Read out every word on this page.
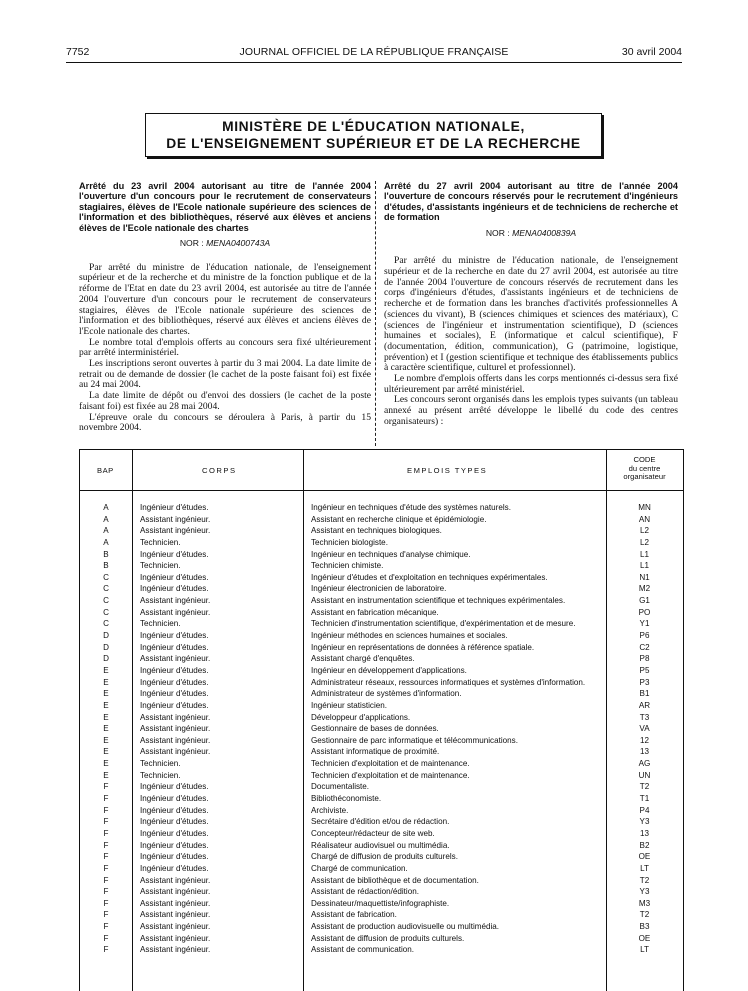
7752	JOURNAL OFFICIEL DE LA RÉPUBLIQUE FRANÇAISE	30 avril 2004
MINISTÈRE DE L'ÉDUCATION NATIONALE,
DE L'ENSEIGNEMENT SUPÉRIEUR ET DE LA RECHERCHE
Arrêté du 23 avril 2004 autorisant au titre de l'année 2004 l'ouverture d'un concours pour le recrutement de conservateurs stagiaires, élèves de l'Ecole nationale supérieure des sciences de l'information et des bibliothèques, réservé aux élèves et anciens élèves de l'Ecole nationale des chartes
NOR : MENA0400743A

Par arrêté du ministre de l'éducation nationale, de l'enseignement supérieur et de la recherche et du ministre de la fonction publique et de la réforme de l'Etat en date du 23 avril 2004, est autorisée au titre de l'année 2004 l'ouverture d'un concours pour le recrutement de conservateurs stagiaires, élèves de l'Ecole nationale supérieure des sciences de l'information et des bibliothèques, réservé aux élèves et anciens élèves de l'Ecole nationale des chartes.

Le nombre total d'emplois offerts au concours sera fixé ultérieurement par arrêté interministériel.

Les inscriptions seront ouvertes à partir du 3 mai 2004. La date limite de retrait ou de demande de dossier (le cachet de la poste faisant foi) est fixée au 24 mai 2004.

La date limite de dépôt ou d'envoi des dossiers (le cachet de la poste faisant foi) est fixée au 28 mai 2004.

L'épreuve orale du concours se déroulera à Paris, à partir du 15 novembre 2004.

Arrêté du 27 avril 2004 autorisant au titre de l'année 2004 l'ouverture de concours réservés pour le recrutement d'ingénieurs d'études, d'assistants ingénieurs et de techniciens de recherche et de formation
NOR : MENA0400839A

Par arrêté du ministre de l'éducation nationale, de l'enseignement supérieur et de la recherche en date du 27 avril 2004, est autorisée au titre de l'année 2004 l'ouverture de concours réservés de recrutement dans les corps d'ingénieurs d'études, d'assistants ingénieurs et de techniciens de recherche et de formation dans les branches d'activités professionnelles A (sciences du vivant), B (sciences chimiques et sciences des matériaux), C (sciences de l'ingénieur et instrumentation scientifique), D (sciences humaines et sociales), E (informatique et calcul scientifique), F (documentation, édition, communication), G (patrimoine, logistique, prévention) et I (gestion scientifique et technique des établissements publics à caractère scientifique, culturel et professionnel).

Le nombre d'emplois offerts dans les corps mentionnés ci-dessus sera fixé ultérieurement par arrêté ministériel.

Les concours seront organisés dans les emplois types suivants (un tableau annexé au présent arrêté développe le libellé du code des centres organisateurs) :

BAP	CORPS	EMPLOIS TYPES
CODE
du centre
organisateur
A	Ingénieur d'études.	Ingénieur en techniques d'étude des systèmes naturels.	MN
A	Assistant ingénieur.	Assistant en recherche clinique et épidémiologie.	AN
A	Assistant ingénieur.	Assistant en techniques biologiques.	L2
A	Technicien.	Technicien biologiste.	L2
B	Ingénieur d'études.	Ingénieur en techniques d'analyse chimique.	L1
B	Technicien.	Technicien chimiste.	L1
C	Ingénieur d'études.	Ingénieur d'études et d'exploitation en techniques expérimentales.	N1
C	Ingénieur d'études.	Ingénieur électronicien de laboratoire.	M2
C	Assistant ingénieur.	Assistant en instrumentation scientifique et techniques expérimentales.	G1
C	Assistant ingénieur.	Assistant en fabrication mécanique.	PO
C	Technicien.	Technicien d'instrumentation scientifique, d'expérimentation et de mesure.	Y1
D	Ingénieur d'études.	Ingénieur méthodes en sciences humaines et sociales.	P6
D	Ingénieur d'études.	Ingénieur en représentations de données à référence spatiale.	C2
D	Assistant ingénieur.	Assistant chargé d'enquêtes.	P8
E	Ingénieur d'études.	Ingénieur en développement d'applications.	P5
E	Ingénieur d'études.	Administrateur réseaux, ressources informatiques et systèmes d'information.	P3
E	Ingénieur d'études.	Administrateur de systèmes d'information.	B1
E	Ingénieur d'études.	Ingénieur statisticien.	AR
E	Assistant ingénieur.	Développeur d'applications.	T3
E	Assistant ingénieur.	Gestionnaire de bases de données.	VA
E	Assistant ingénieur.	Gestionnaire de parc informatique et télécommunications.	12
E	Assistant ingénieur.	Assistant informatique de proximité.	13
E	Technicien.	Technicien d'exploitation et de maintenance.	AG
E	Technicien.	Technicien d'exploitation et de maintenance.	UN
F	Ingénieur d'études.	Documentaliste.	T2
F	Ingénieur d'études.	Bibliothéconomiste.	T1
F	Ingénieur d'études.	Archiviste.	P4
F	Ingénieur d'études.	Secrétaire d'édition et/ou de rédaction.	Y3
F	Ingénieur d'études.	Concepteur/rédacteur de site web.	13
F	Ingénieur d'études.	Réalisateur audiovisuel ou multimédia.	B2
F	Ingénieur d'études.	Chargé de diffusion de produits culturels.	OE
F	Ingénieur d'études.	Chargé de communication.	LT
F	Assistant ingénieur.	Assistant de bibliothèque et de documentation.	T2
F	Assistant ingénieur.	Assistant de rédaction/édition.	Y3
F	Assistant ingénieur.	Dessinateur/maquettiste/infographiste.	M3
F	Assistant ingénieur.	Assistant de fabrication.	T2
F	Assistant ingénieur.	Assistant de production audiovisuelle ou multimédia.	B3
F	Assistant ingénieur.	Assistant de diffusion de produits culturels.	OE
F	Assistant ingénieur.	Assistant de communication.	LT
